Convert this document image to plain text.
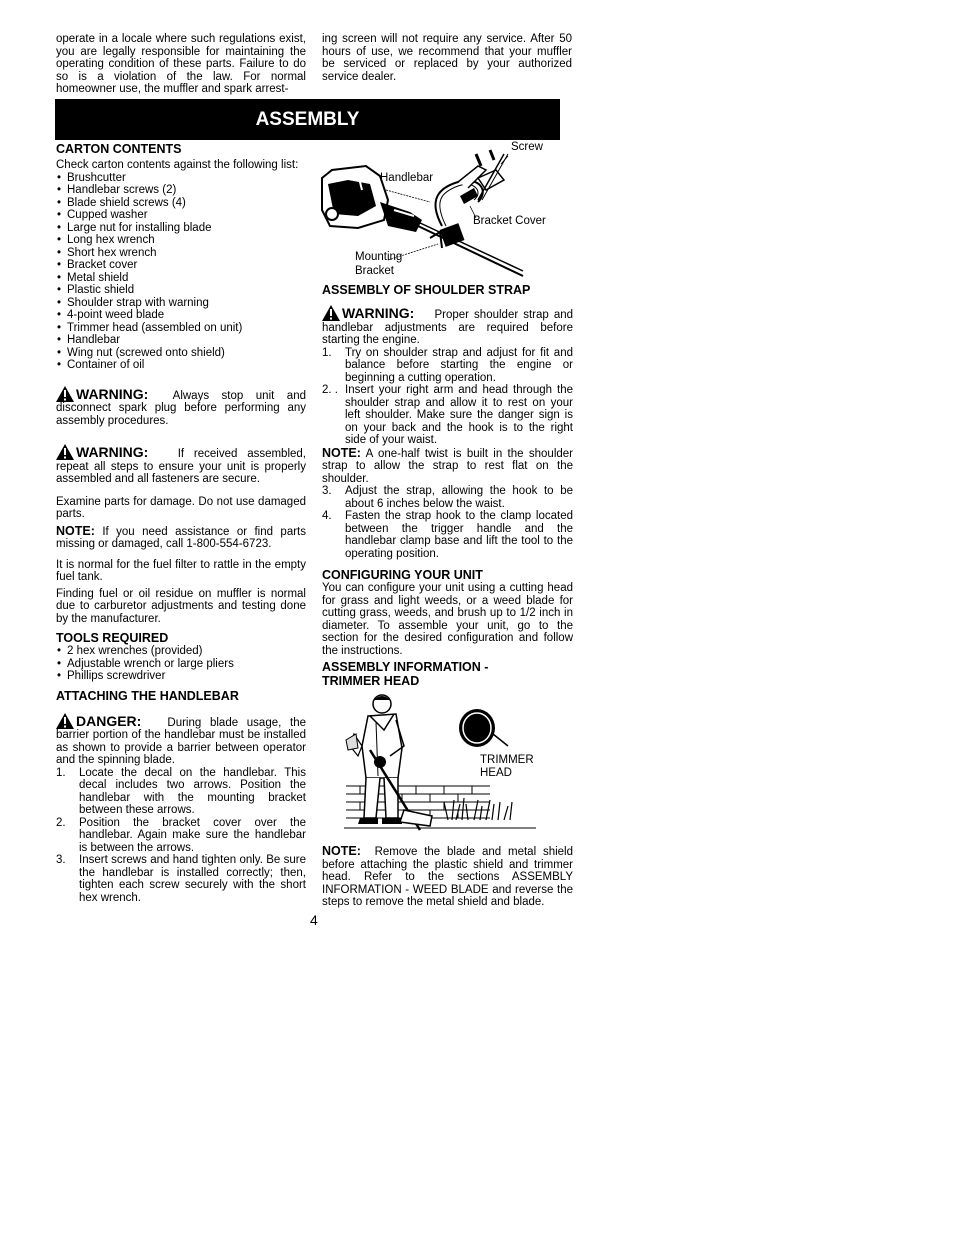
operate in a locale where such regulations exist, you are legally responsible for maintaining the operating condition of these parts. Failure to do so is a violation of the law. For normal homeowner use, the muffler and spark arrest-

ing screen will not require any service. After 50 hours of use, we recommend that your muffler be serviced or replaced by your authorized service dealer.

ASSEMBLY

CARTON CONTENTS

Check carton contents against the following list:

• Brushcutter
• Handlebar screws (2)
• Blade shield screws (4)
• Cupped washer
• Large nut for installing blade
• Long hex wrench
• Short hex wrench
• Bracket cover
• Metal shield
• Plastic shield
• Shoulder strap with warning
• 4-point weed blade
• Trimmer head (assembled on unit)
• Handlebar
• Wing nut (screwed onto shield)
• Container of oil

WARNING: Always stop unit and disconnect spark plug before performing any assembly procedures.

WARNING:	If received assembled, repeat all steps to ensure your unit is properly assembled and all fasteners are secure.

Examine parts for damage. Do not use damaged parts.

NOTE: If you need assistance or find parts missing or damaged, call 1-800-554-6723.

It is normal for the fuel filter to rattle in the empty fuel tank.

Finding fuel or oil residue on muffler is normal due to carburetor adjustments and testing done by the manufacturer.

TOOLS REQUIRED

• 2 hex wrenches (provided)
• Adjustable wrench or large pliers
• Phillips screwdriver

ATTACHING THE HANDLEBAR

DANGER: During blade usage, the barrier portion of the handlebar must be installed as shown to provide a barrier between operator and the spinning blade.

1. Locate the decal on the handlebar. This decal includes two arrows. Position the handlebar with the mounting bracket between these arrows.
2. Position the bracket cover over the handlebar. Again make sure the handlebar is between the arrows.
3. Insert screws and hand tighten only. Be sure the handlebar is installed correctly; then, tighten each screw securely with the short hex wrench.
Screw
Handlebar
Bracket Cover
Mounting
Bracket

ASSEMBLY OF SHOULDER STRAP

WARNING: Proper shoulder strap and handlebar adjustments are required before starting the engine.

1. Try on shoulder strap and adjust for fit and balance before starting the engine or beginning a cutting operation.
2. . Insert your right arm and head through the shoulder strap and allow it to rest on your left shoulder. Make sure the danger sign is on your back and the hook is to the right side of your waist.

NOTE: A one-half twist is built in the shoulder strap to allow the strap to rest flat on the shoulder.

3. Adjust the strap, allowing the hook to be about 6 inches below the waist.
4. Fasten the strap hook to the clamp located between the trigger handle and the handlebar clamp base and lift the tool to the operating position.

CONFIGURING YOUR UNIT

You can configure your unit using a cutting head for grass and light weeds, or a weed blade for cutting grass, weeds, and brush up to 1/2 inch in diameter. To assemble your unit, go to the section for the desired configuration and follow the instructions.

ASSEMBLY INFORMATION -

TRIMMER HEAD

TRIMMER
HEAD

NOTE: Remove the blade and metal shield before attaching the plastic shield and trimmer head. Refer to the sections ASSEMBLY INFORMATION - WEED BLADE and reverse the steps to remove the metal shield and blade.

4
